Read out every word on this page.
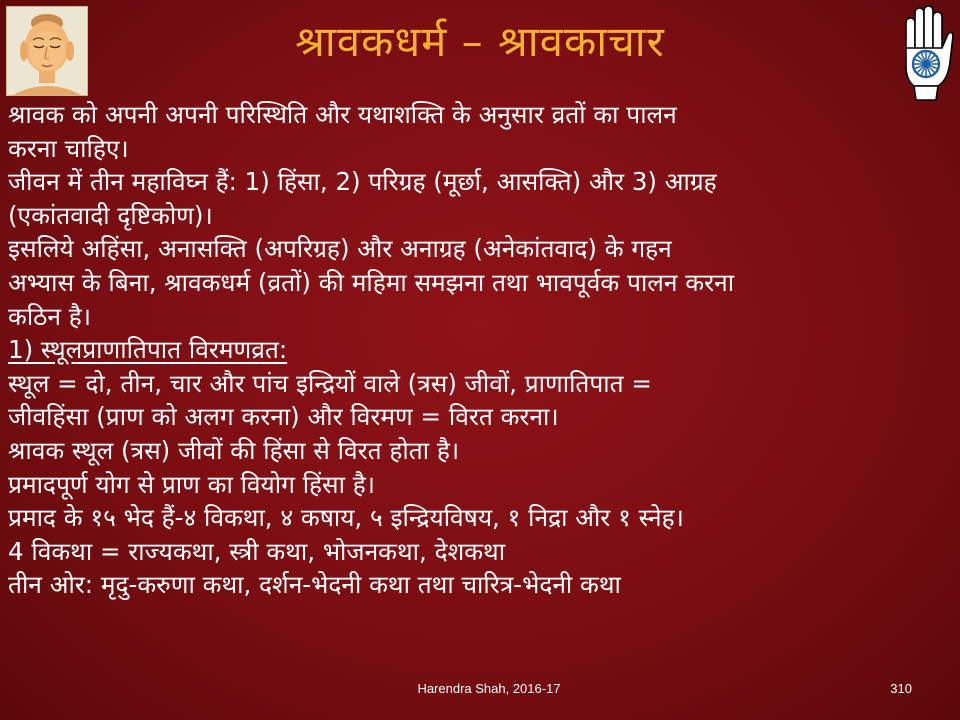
श्रावकधर्म – श्रावकाचार
श्रावक को अपनी अपनी परिस्थिति और यथाशक्ति के अनुसार व्रतों का पालन
करना चाहिए।
जीवन में तीन महाविघ्न हैं: 1) हिंसा, 2) परिग्रह (मूर्छा, आसक्ति) और 3) आग्रह
(एकांतवादी दृष्टिकोण)।
इसलिये अहिंसा, अनासक्ति (अपरिग्रह) और अनाग्रह (अनेकांतवाद) के गहन
अभ्यास के बिना, श्रावकधर्म (व्रतों) की महिमा समझना तथा भावपूर्वक पालन करना
कठिन है।
1) स्थूलप्राणातिपात विरमणव्रत:
स्थूल = दो, तीन, चार और पांच इन्द्रियों वाले (त्रस) जीवों, प्राणातिपात =
जीवहिंसा (प्राण को अलग करना) और विरमण = विरत करना।
श्रावक स्थूल (त्रस) जीवों की हिंसा से विरत होता है।
प्रमादपूर्ण योग से प्राण का वियोग हिंसा है।
प्रमाद के १५ भेद हैं-४ विकथा, ४ कषाय, ५ इन्द्रियविषय, १ निद्रा और १ स्नेह।
4 विकथा = राज्यकथा, स्त्री कथा, भोजनकथा, देशकथा
तीन ओर: मृदु-करुणा कथा, दर्शन-भेदनी कथा तथा चारित्र-भेदनी कथा
Harendra Shah, 2016-17	310
